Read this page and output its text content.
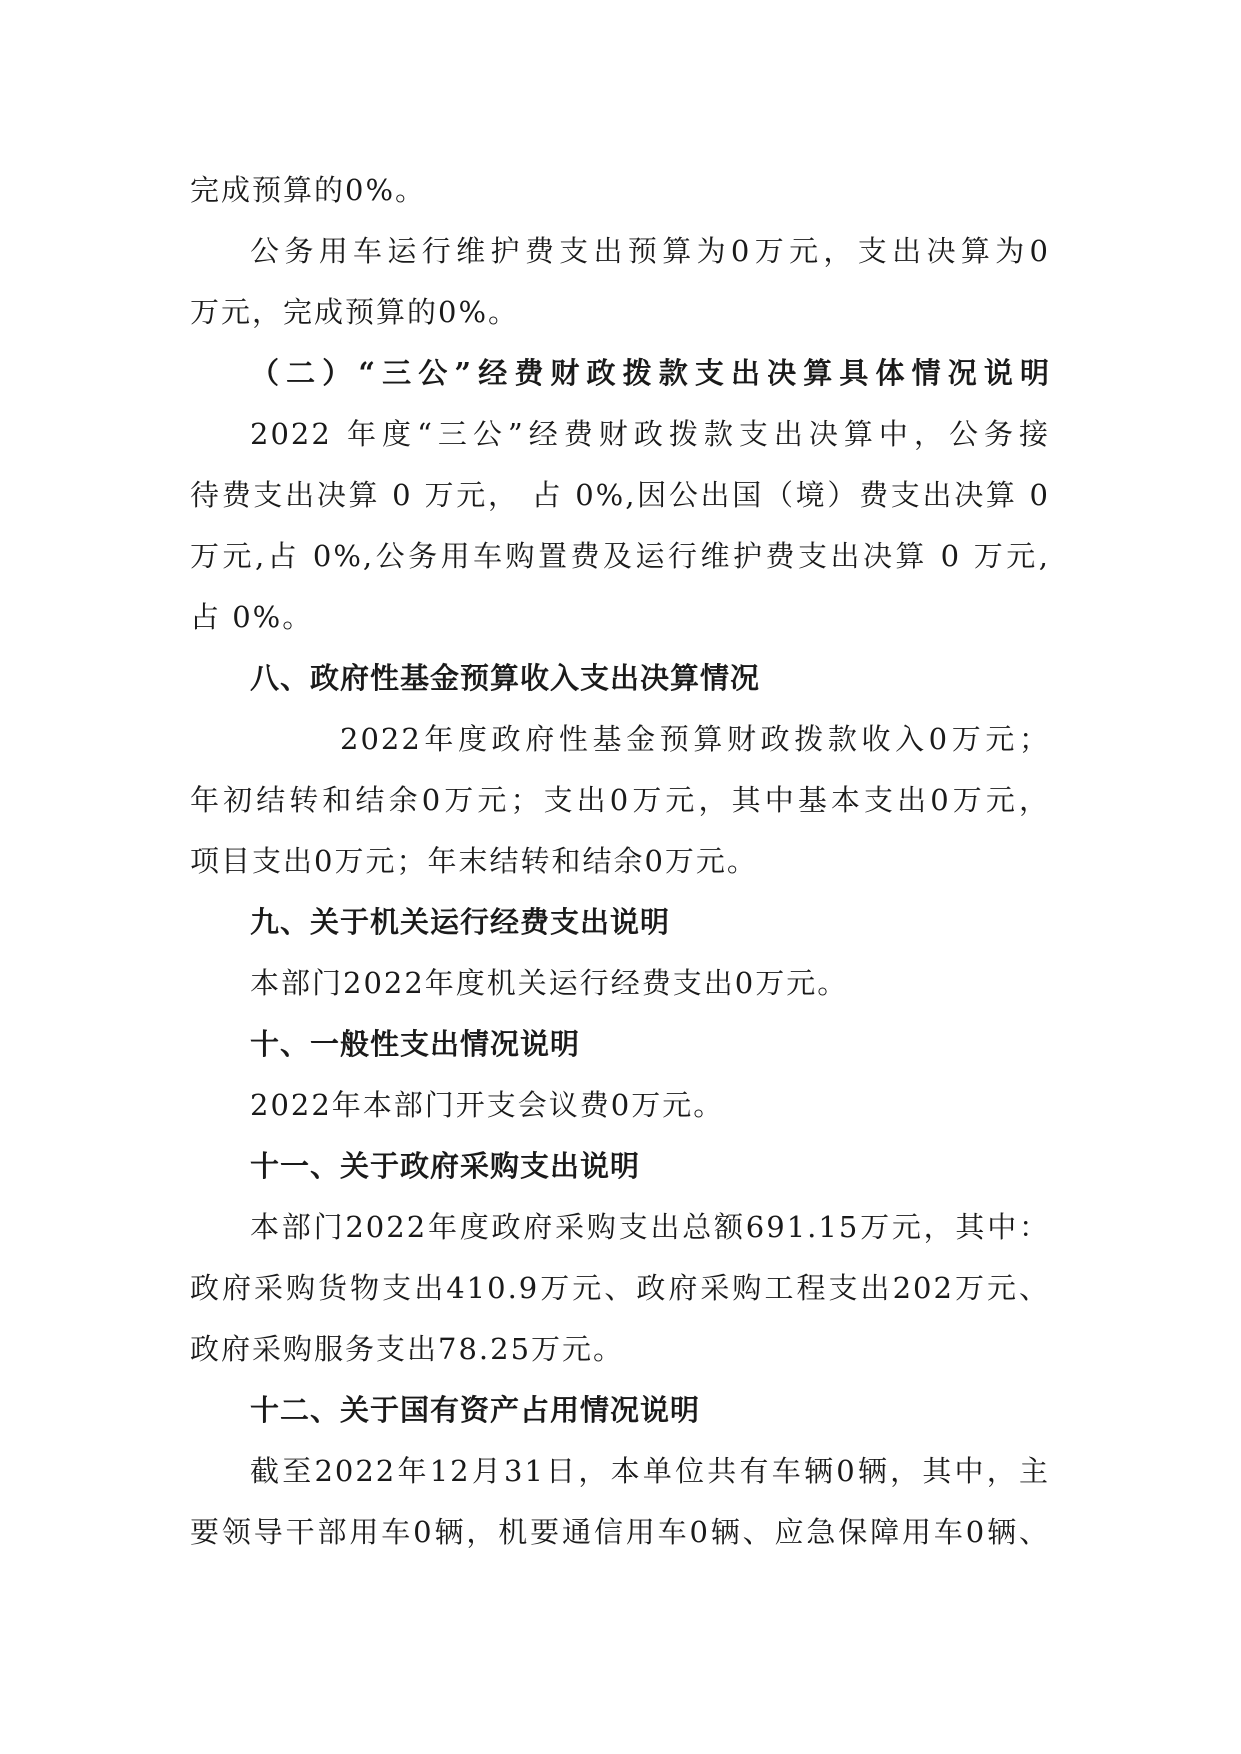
完成预算的0%。
公务用车运行维护费支出预算为0万元，支出决算为0
万元，完成预算的0%。
（二）“三公”经费财政拨款支出决算具体情况说明
2022 年度“三公”经费财政拨款支出决算中，公务接
待费支出决算 0 万元， 占 0%,因公出国（境）费支出决算 0
万元,占 0%,公务用车购置费及运行维护费支出决算 0 万元,
占 0%。
八、政府性基金预算收入支出决算情况
2022年度政府性基金预算财政拨款收入0万元；
年初结转和结余0万元；支出0万元，其中基本支出0万元，
项目支出0万元；年末结转和结余0万元。
九、关于机关运行经费支出说明
本部门2022年度机关运行经费支出0万元。
十、一般性支出情况说明
2022年本部门开支会议费0万元。
十一、关于政府采购支出说明
本部门2022年度政府采购支出总额691.15万元，其中：
政府采购货物支出410.9万元、政府采购工程支出202万元、
政府采购服务支出78.25万元。
十二、关于国有资产占用情况说明
截至2022年12月31日，本单位共有车辆0辆，其中，主
要领导干部用车0辆，机要通信用车0辆、应急保障用车0辆、
